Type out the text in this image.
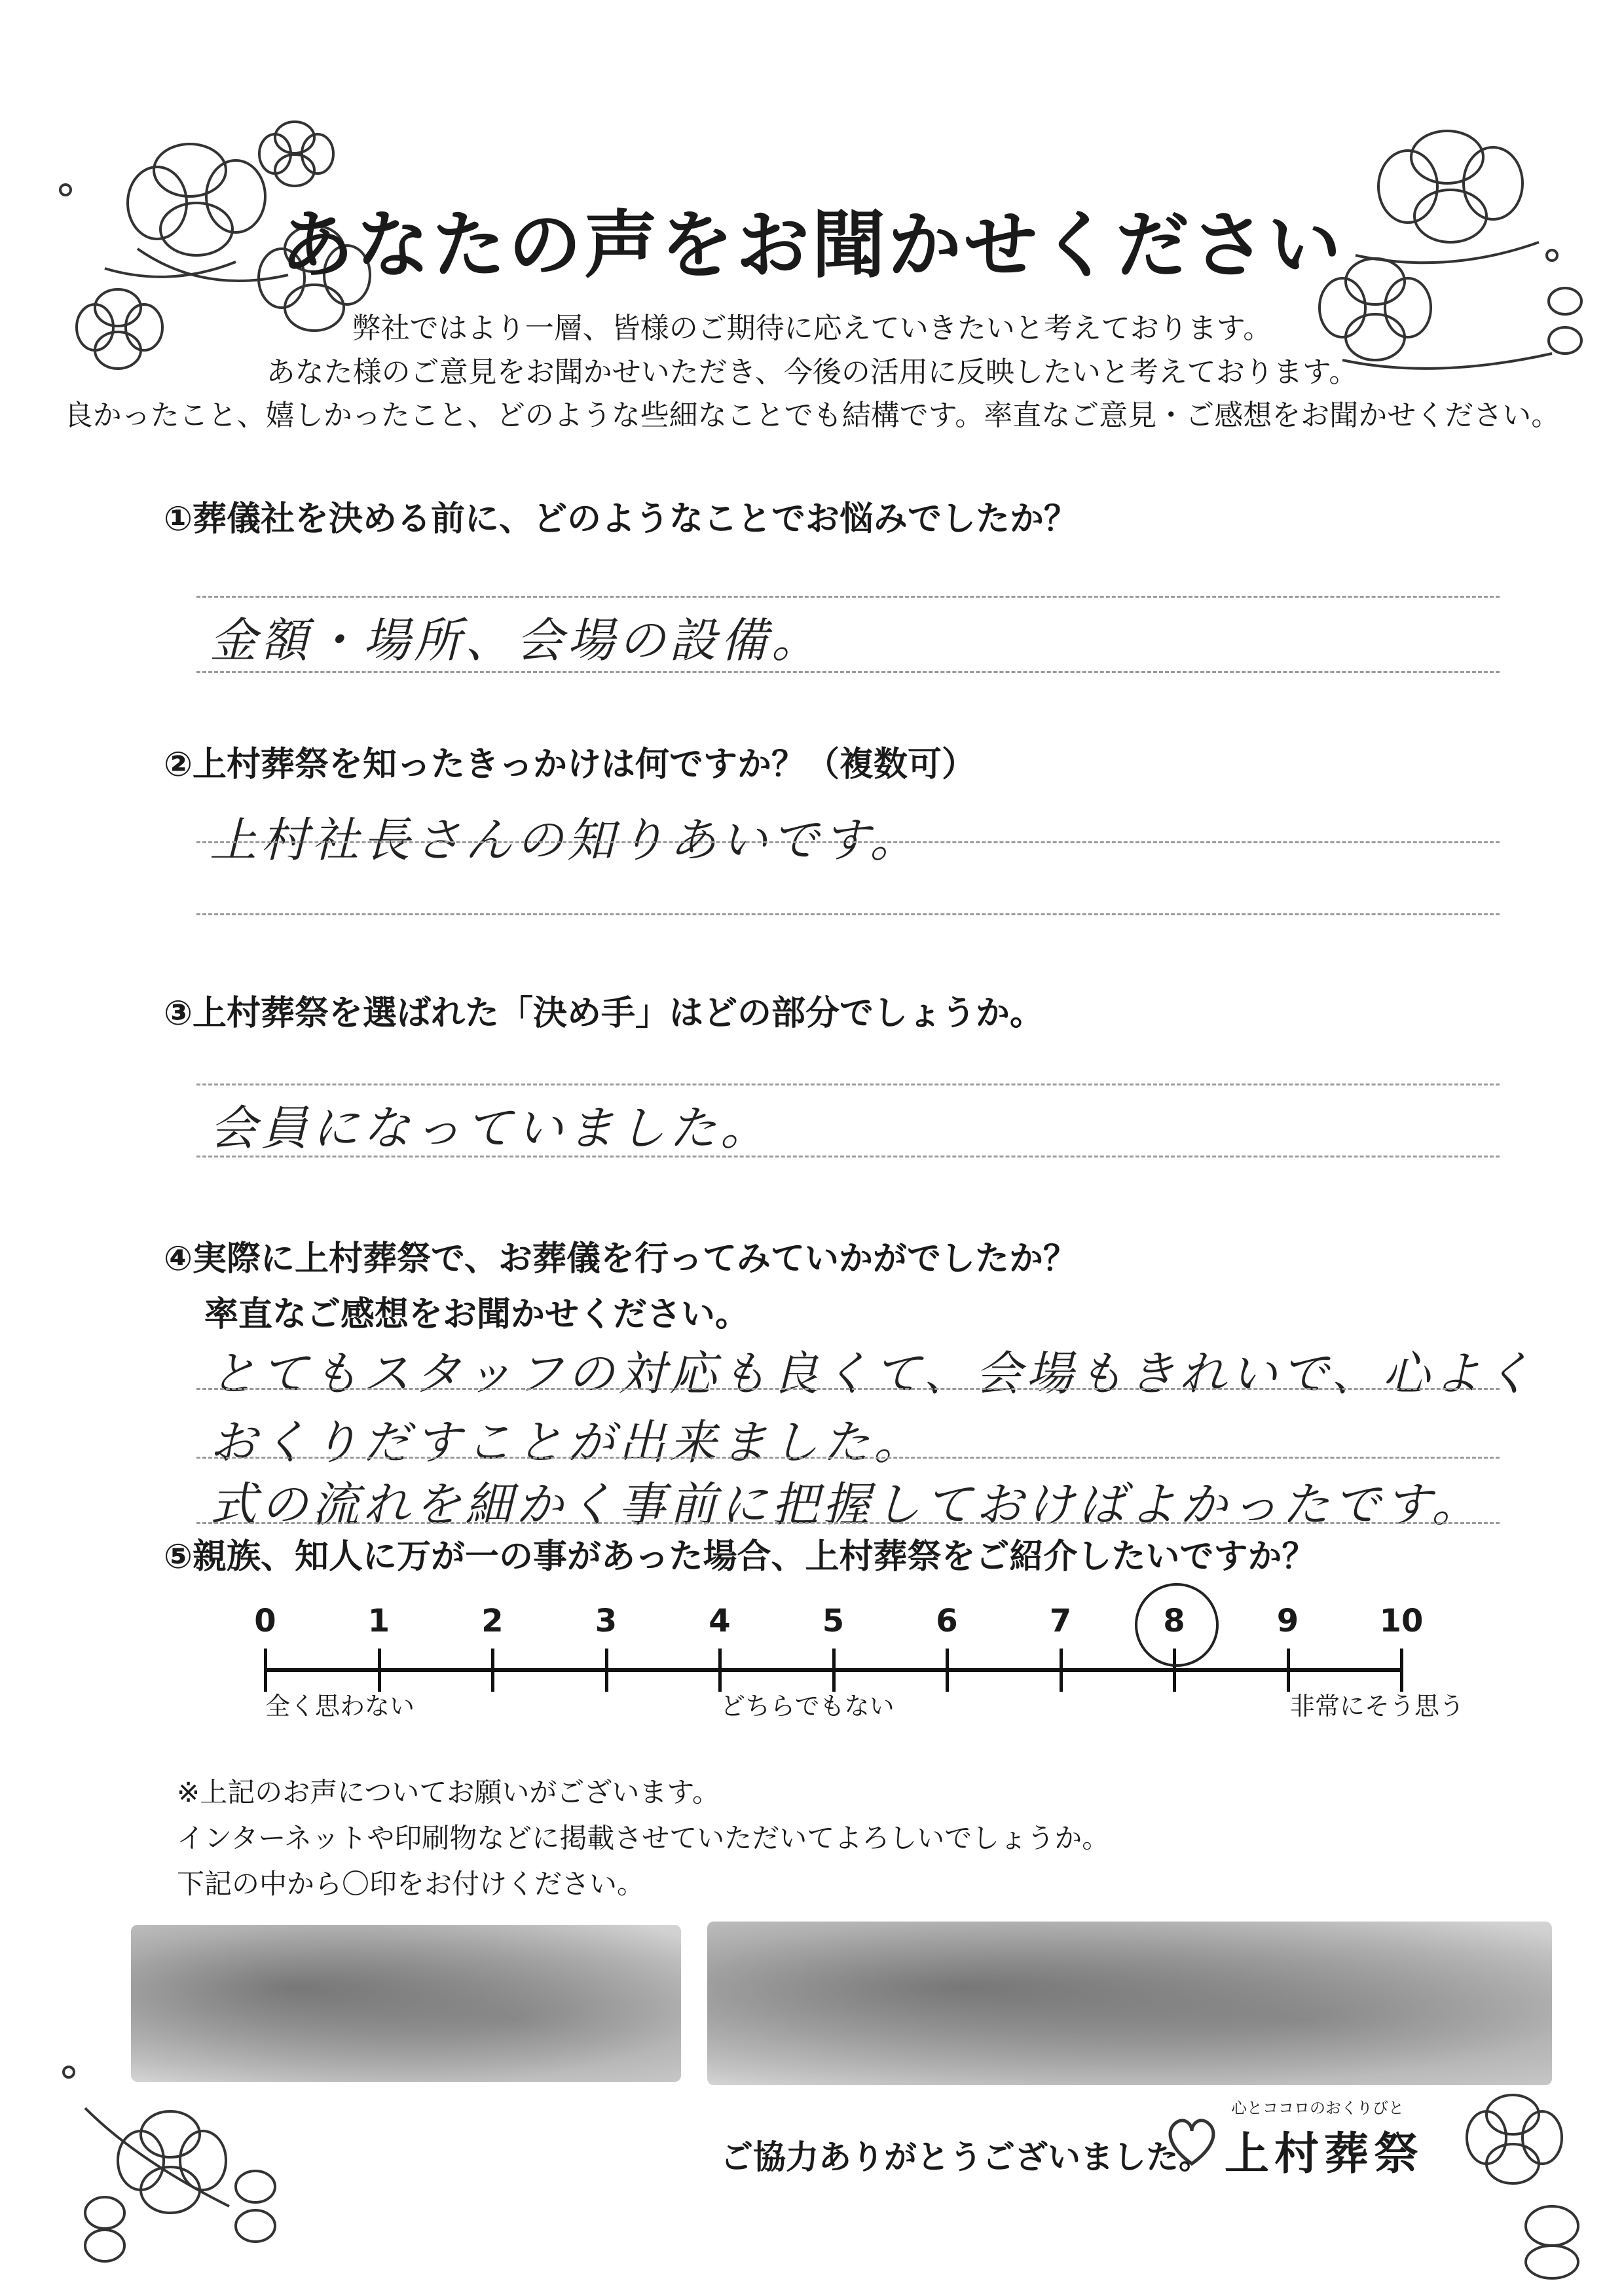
あなたの声をお聞かせください
弊社ではより一層、皆様のご期待に応えていきたいと考えております。
あなた様のご意見をお聞かせいただき、今後の活用に反映したいと考えております。
良かったこと、嬉しかったこと、どのような些細なことでも結構です。率直なご意見・ご感想をお聞かせください。
①葬儀社を決める前に、どのようなことでお悩みでしたか？
金額・場所、会場の設備。
②上村葬祭を知ったきっかけは何ですか？（複数可）
上村社長さんの知りあいです。
③上村葬祭を選ばれた「決め手」はどの部分でしょうか。
会員になっていました。
④実際に上村葬祭で、お葬儀を行ってみていかがでしたか？
率直なご感想をお聞かせください。
とてもスタッフの対応も良くて、会場もきれいで、心よく
おくりだすことが出来ました。
式の流れを細かく事前に把握しておけばよかったです。
⑤親族、知人に万が一の事があった場合、上村葬祭をご紹介したいですか？
0	1	2	3	4	5	6	7	8	9	10
全く思わない	どちらでもない	非常にそう思う
※上記のお声についてお願いがございます。
インターネットや印刷物などに掲載させていただいてよろしいでしょうか。
下記の中から〇印をお付けください。
ご協力ありがとうございました。
心とココロのおくりびと
上村葬祭
